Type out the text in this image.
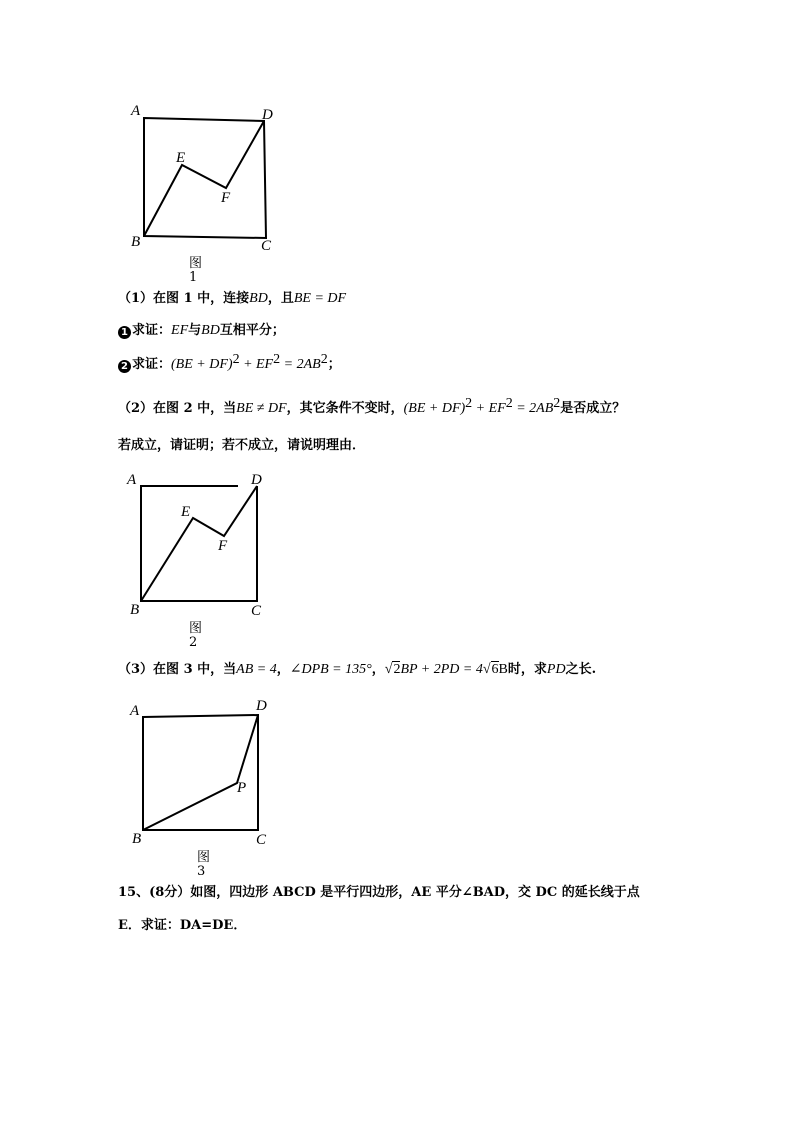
A	D
E
F
B	C
图 1
（1）在图 1 中，连接BD，且BE = DF
1 求证：EF与BD互相平分；
2 求证：$(BE + DF)^2 + EF^2 = 2AB^2$；
（2）在图 2 中，当BE ≠ DF，其它条件不变时，$(BE + DF)^2 + EF^2 = 2AB^2$是否成立？
若成立，请证明；若不成立，请说明理由．
A	D
E
F
B	C
图 2
（3）在图 3 中，当AB = 4，∠DPB = 135°，√2BP + 2PD = 4√6B时，求PD之长.
A	D
P
B	C
图 3
15、(8分）如图，四边形 ABCD 是平行四边形，AE 平分∠BAD，交 DC 的延长线于点
E．求证：DA=DE．
